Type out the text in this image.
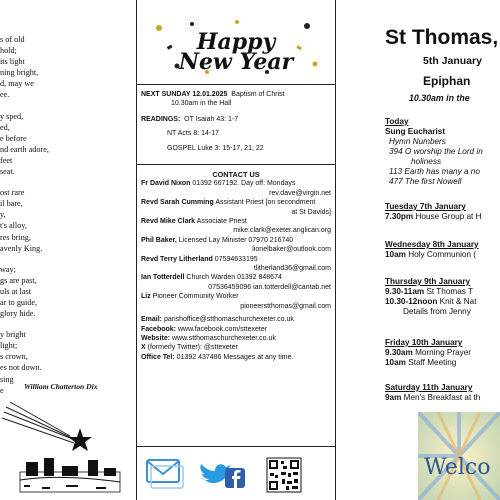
s of old
hold;
its light
ning bright,
d, may we
ee.
y sped,
ed,
e before
nd earth adore,
feet
seat.
ost rare
il bare,
y,
t's alloy,
res bring,
avenly King.
way;
gs are past,
uls at last
ar to guide,
glory hide.
y bright
light;
s crown,
es not down.
sing
e	William Chatterton Dix
Happy
New Year
NEXT SUNDAY 12.01.2025 Baptism of Christ
10.30am in the Hall
READINGS: OT Isaiah 43: 1-7
NT Acts 8: 14-17
GOSPEL Luke 3: 15-17, 21, 22
CONTACT US
Fr David Nixon 01392 667192. Day off: Mondays
rev.dave@virgin.net
Revd Sarah Cumming Assistant Priest [on secondment
at St Davids]
Revd Mike Clark Associate Priest
mike.clark@exeter.anglican.org
Phil Baker, Licensed Lay Minister 07970 216740
lionelbaker@outlook.com
Revd Terry Litherland 07594633195
tlitherland36@gmail.com
Ian Totterdell Church Warden 01392 848674
07536459096 ian.totterdell@cantab.net
Liz Pioneer Community Worker
pioneerstthomas@gmail.com
Email: parishoffice@stthomaschurchexeter.co.uk
Facebook: www.facebook.com/sttexeter
Website: www.stthomaschurchexeter.co.uk
X (formerly Twitter): @sttexeter
Office Tel: 01392 437486 Messages at any time.
St Thomas,
5th January
Epiphan
10.30am in the
Today
Sung Eucharist
Hymn Numbers
394 O worship the Lord in
holiness
113 Earth has many a no
477 The first Nowell
Tuesday 7th January
7.30pm House Group at H
Wednesday 8th January
10am Holy Communion (
Thursday 9th January
9.30-11am St Thomas T
10.30-12noon Knit & Nat
Details from Jenny
Friday 10th January
9.30am Morning Prayer
10am Staff Meeting
Saturday 11th January
9am Men's Breakfast at th
Welco
